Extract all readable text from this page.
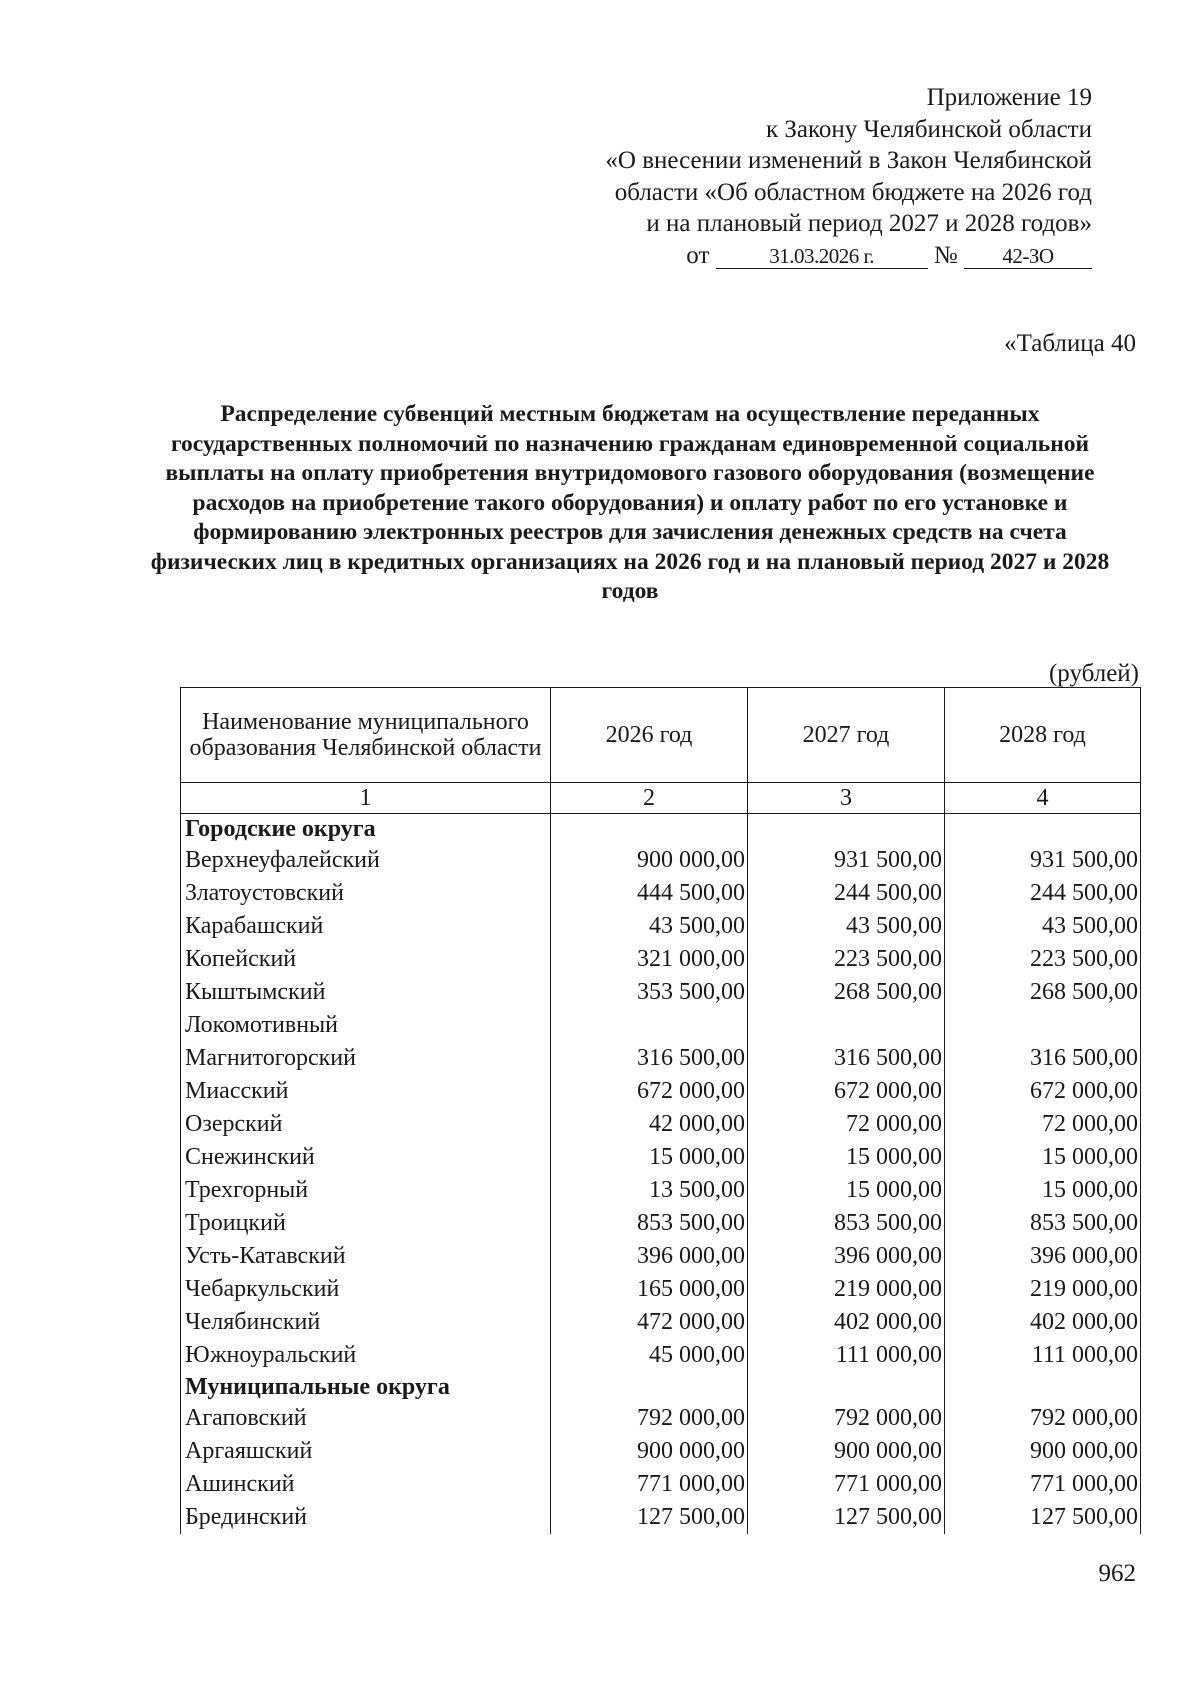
Приложение 19
к Закону Челябинской области
«О внесении изменений в Закон Челябинской
области «Об областном бюджете на 2026 год
и на плановый период 2027 и 2028 годов»
от	31.03.2026 г. № 42-ЗО
«Таблица 40
Распределение субвенций местным бюджетам на осуществление переданных государственных полномочий по назначению гражданам единовременной социальной выплаты на оплату приобретения внутридомового газового оборудования (возмещение расходов на приобретение такого оборудования) и оплату работ по его установке и формированию электронных реестров для зачисления денежных средств на счета физических лиц в кредитных организациях на 2026 год и на плановый период 2027 и 2028 годов
(рублей)
Наименование муниципального образования Челябинской области	2026 год	2027 год	2028 год
1	2	3	4
Городские округа			
Верхнеуфалейский	900 000,00	931 500,00	931 500,00
Златоустовский	444 500,00	244 500,00	244 500,00
Карабашский	43 500,00	43 500,00	43 500,00
Копейский	321 000,00	223 500,00	223 500,00
Кыштымский	353 500,00	268 500,00	268 500,00
Локомотивный			
Магнитогорский	316 500,00	316 500,00	316 500,00
Миасский	672 000,00	672 000,00	672 000,00
Озерский	42 000,00	72 000,00	72 000,00
Снежинский	15 000,00	15 000,00	15 000,00
Трехгорный	13 500,00	15 000,00	15 000,00
Троицкий	853 500,00	853 500,00	853 500,00
Усть-Катавский	396 000,00	396 000,00	396 000,00
Чебаркульский	165 000,00	219 000,00	219 000,00
Челябинский	472 000,00	402 000,00	402 000,00
Южноуральский	45 000,00	111 000,00	111 000,00
Муниципальные округа			
Агаповский	792 000,00	792 000,00	792 000,00
Аргаяшский	900 000,00	900 000,00	900 000,00
Ашинский	771 000,00	771 000,00	771 000,00
Брединский	127 500,00	127 500,00	127 500,00
962
